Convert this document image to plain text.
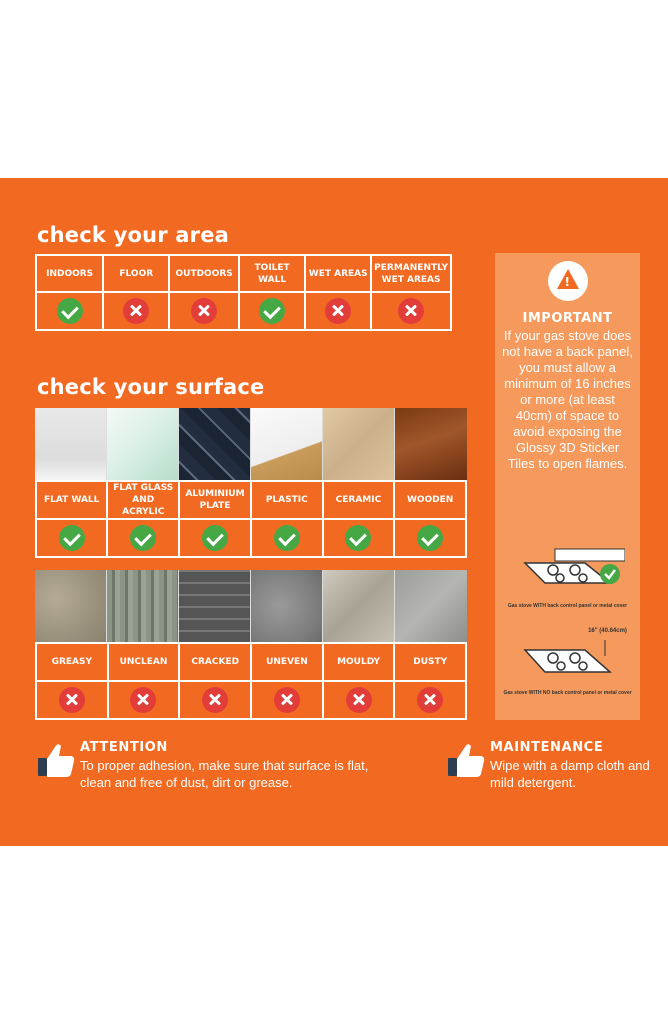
check your area
INDOORS	FLOOR	OUTDOORS	TOILET WALL	WET AREAS	PERMANENTLY WET AREAS

check your surface
FLAT WALL	FLAT GLASS AND ACRYLIC	ALUMINIUM PLATE	PLASTIC	CERAMIC	WOODEN

GREASY	UNCLEAN	CRACKED	UNEVEN	MOULDY	DUSTY

!
IMPORTANT
If your gas stove does not have a back panel, you must allow a minimum of 16 inches or more (at least 40cm) of space to avoid exposing the Glossy 3D Sticker Tiles to open flames.
Gas stove WITH back control panel or metal cover
16" (40.64cm)
Gas stove WITH NO back control panel or metal cover
ATTENTION
To proper adhesion, make sure that surface is flat, clean and free of dust, dirt or grease.
MAINTENANCE
Wipe with a damp cloth and mild detergent.
